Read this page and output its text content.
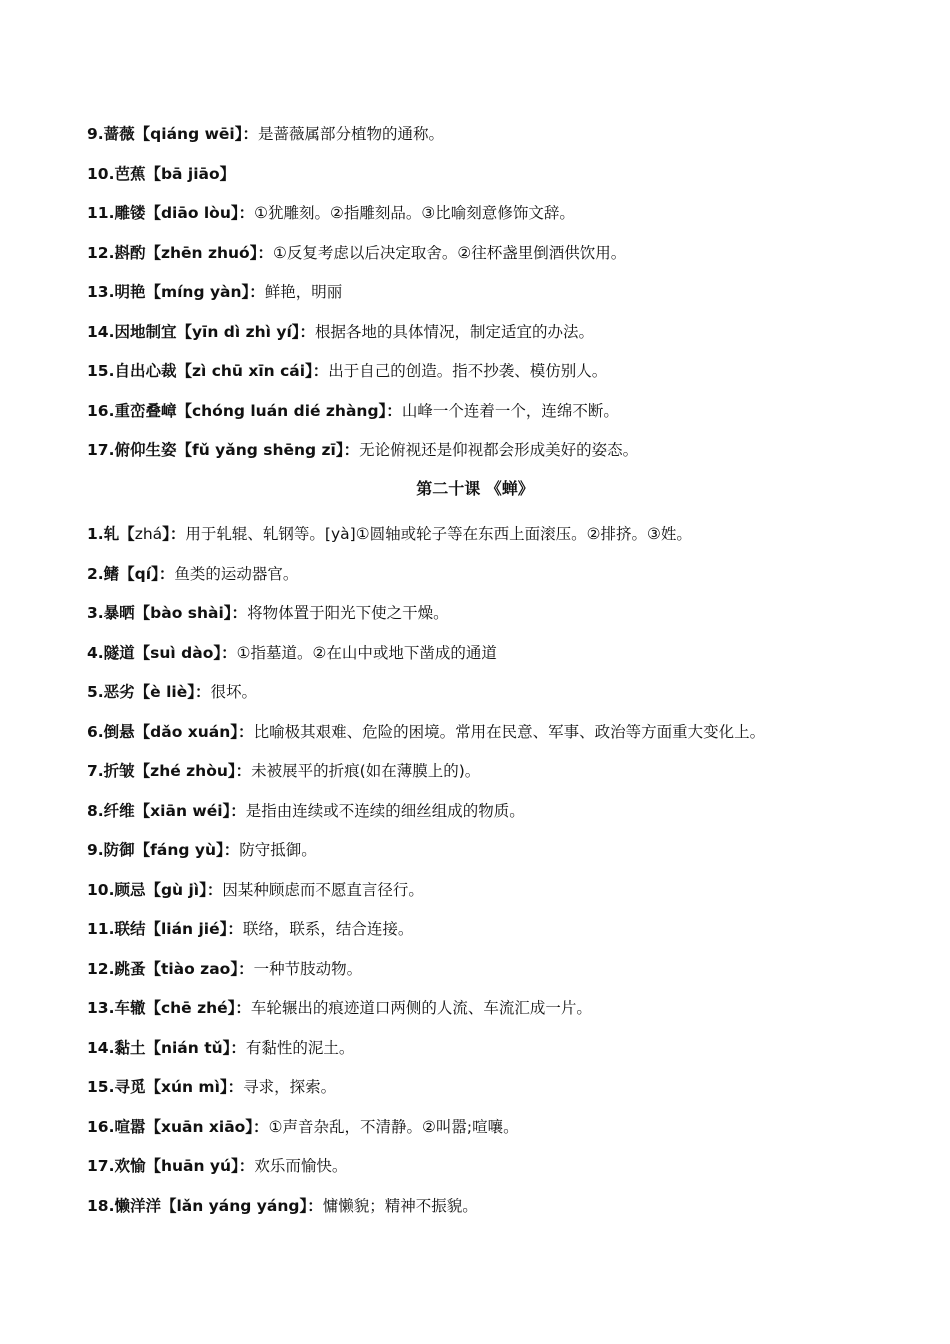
9.蔷薇【qiáng wēi】：是蔷薇属部分植物的通称。
10.芭蕉【bā jiāo】
11.雕镂【diāo lòu】：①犹雕刻。②指雕刻品。③比喻刻意修饰文辞。
12.斟酌【zhēn zhuó】：①反复考虑以后决定取舍。②往杯盏里倒酒供饮用。
13.明艳【míng yàn】：鲜艳，明丽
14.因地制宜【yīn dì zhì yí】：根据各地的具体情况，制定适宜的办法。
15.自出心裁【zì chū xīn cái】：出于自己的创造。指不抄袭、模仿别人。
16.重峦叠嶂【chóng luán dié zhàng】：山峰一个连着一个，连绵不断。
17.俯仰生姿【fǔ yǎng shēng zī】：无论俯视还是仰视都会形成美好的姿态。
第二十课 《蝉》
1.轧【zhá】：用于轧辊、轧钢等。[yà]①圆轴或轮子等在东西上面滚压。②排挤。③姓。
2.鳍【qí】：鱼类的运动器官。
3.暴晒【bào shài】：将物体置于阳光下使之干燥。
4.隧道【suì dào】：①指墓道。②在山中或地下凿成的通道
5.恶劣【è liè】：很坏。
6.倒悬【dǎo xuán】：比喻极其艰难、危险的困境。常用在民意、军事、政治等方面重大变化上。
7.折皱【zhé zhòu】：未被展平的折痕(如在薄膜上的)。
8.纤维【xiān wéi】：是指由连续或不连续的细丝组成的物质。
9.防御【fáng yù】：防守抵御。
10.顾忌【gù jì】：因某种顾虑而不愿直言径行。
11.联结【lián jié】：联络，联系，结合连接。
12.跳蚤【tiào zao】：一种节肢动物。
13.车辙【chē zhé】：车轮辗出的痕迹道口两侧的人流、车流汇成一片。
14.黏土【nián tǔ】：有黏性的泥土。
15.寻觅【xún mì】：寻求，探索。
16.喧嚣【xuān xiāo】：①声音杂乱，不清静。②叫嚣;喧嚷。
17.欢愉【huān yú】：欢乐而愉快。
18.懒洋洋【lǎn yáng yáng】：慵懒貌；精神不振貌。
